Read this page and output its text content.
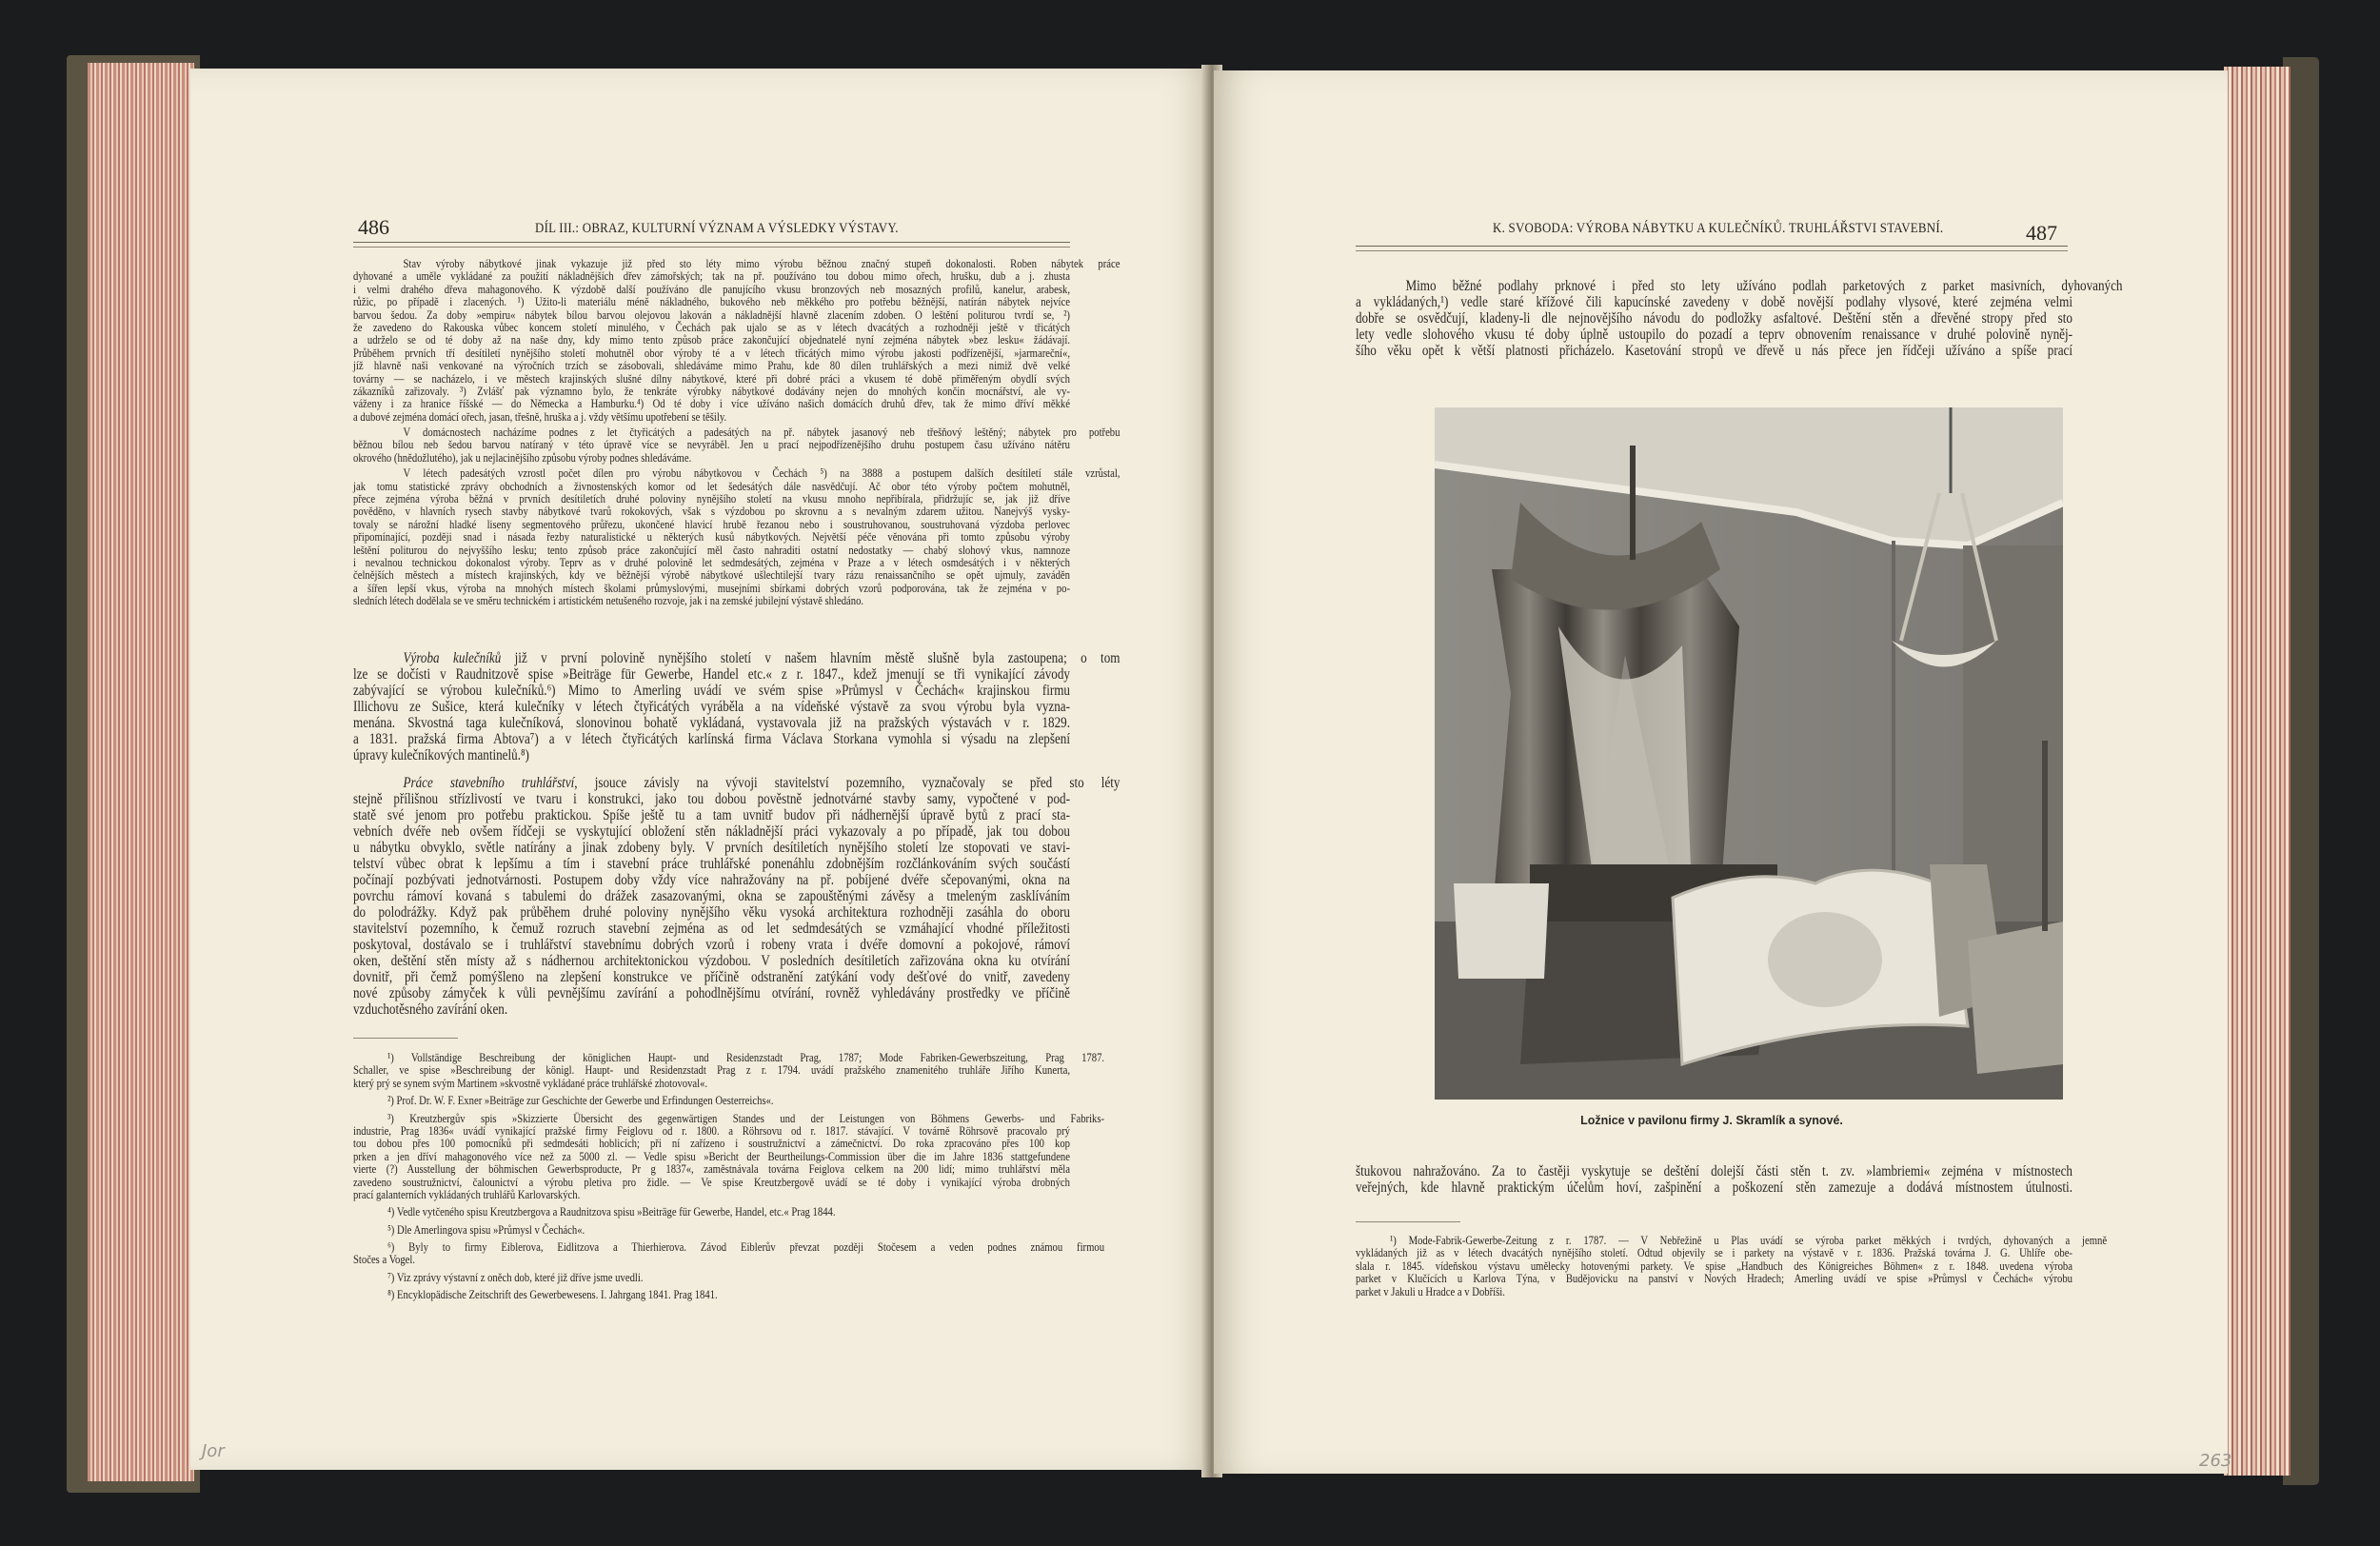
486	DÍL III.: OBRAZ, KULTURNÍ VÝZNAM A VÝSLEDKY VÝSTAVY.
Stav výroby nábytkové jinak vykazuje již před sto léty mimo výrobu běžnou značný stupeň dokonalosti. Roben nábytek práce
dyhované a uměle vykládané za použití nákladnějších dřev zámořských; tak na př. používáno tou dobou mimo ořech, hrušku, dub a j. zhusta
i velmi drahého dřeva mahagonového. K výzdobě další používáno dle panujícího vkusu bronzových neb mosazných profilů, kanelur, arabesk,
růžic, po případě i zlacených. ¹) Užito-li materiálu méně nákladného, bukového neb měkkého pro potřebu běžnější, natírán nábytek nejvíce
barvou šedou. Za doby »empiru« nábytek bílou barvou olejovou lakován a nákladnější hlavně zlacením zdoben. O leštění politurou tvrdí se, ²)
že zavedeno do Rakouska vůbec koncem století minulého, v Čechách pak ujalo se as v létech dvacátých a rozhodněji ještě v třicátých
a udrželo se od té doby až na naše dny, kdy mimo tento způsob práce zakončující objednatelé nyní zejména nábytek »bez lesku« žádávají.
Průběhem prvních tří desítiletí nynějšího století mohutněl obor výroby té a v létech třicátých mimo výrobu jakosti podřízenější, »jarmareční«,
jíž hlavně naši venkované na výročních trzích se zásobovali, shledáváme mimo Prahu, kde 80 dílen truhlářských a mezi nimiž dvě velké
továrny — se nacházelo, i ve městech krajinských slušné dílny nábytkové, které při dobré práci a vkusem té době přiměřeným obydlí svých
zákazníků zařizovaly. ³) Zvlášť pak významno bylo, že tenkráte výrobky nábytkové dodávány nejen do mnohých končin mocnářství, ale vy-
váženy i za hranice říšské — do Německa a Hamburku.⁴) Od té doby i více užíváno našich domácích druhů dřev, tak že mimo dříví měkké
a dubové zejména domácí ořech, jasan, třešně, hruška a j. vždy většímu upotřebení se těšily.
V domácnostech nacházíme podnes z let čtyřicátých a padesátých na př. nábytek jasanový neb třešňový leštěný; nábytek pro potřebu
běžnou bílou neb šedou barvou natíraný v této úpravě více se nevyráběl. Jen u prací nejpodřízenějšího druhu postupem času užíváno nátěru
okrového (hnědožlutého), jak u nejlacinějšího způsobu výroby podnes shledáváme.
V létech padesátých vzrostl počet dílen pro výrobu nábytkovou v Čechách ⁵) na 3888 a postupem dalších desítiletí stále vzrůstal,
jak tomu statistické zprávy obchodních a živnostenských komor od let šedesátých dále nasvědčují. Ač obor této výroby počtem mohutněl,
přece zejména výroba běžná v prvních desítiletích druhé poloviny nynějšího století na vkusu mnoho nepřibírala, přidržujíc se, jak již dříve
pověděno, v hlavních rysech stavby nábytkové tvarů rokokových, však s výzdobou po skrovnu a s nevalným zdarem užitou. Nanejvýš vysky-
tovaly se nárožní hladké liseny segmentového průřezu, ukončené hlavicí hrubě řezanou nebo i soustruhovanou, soustruhovaná výzdoba perlovec
připomínající, později snad i násada řezby naturalistické u některých kusů nábytkových. Největší péče věnována při tomto způsobu výroby
leštění politurou do nejvyššího lesku; tento způsob práce zakončující měl často nahraditi ostatní nedostatky — chabý slohový vkus, namnoze
i nevalnou technickou dokonalost výroby. Teprv as v druhé polovině let sedmdesátých, zejména v Praze a v létech osmdesátých i v některých
čelnějších městech a místech krajinských, kdy ve běžnější výrobě nábytkové ušlechtilejší tvary rázu renaissančního se opět ujmuly, zaváděn
a šířen lepší vkus, výroba na mnohých místech školami průmyslovými, musejními sbírkami dobrých vzorů podporována, tak že zejména v po-
sledních létech dodělala se ve směru technickém i artistickém netušeného rozvoje, jak i na zemské jubilejní výstavě shledáno.
Výroba kulečníků již v první polovině nynějšího století v našem hlavním městě slušně byla zastoupena; o tom
lze se dočísti v Raudnitzově spise »Beiträge für Gewerbe, Handel etc.« z r. 1847., kdež jmenují se tři vynikající závody
zabývající se výrobou kulečníků.⁶) Mimo to Amerling uvádí ve svém spise »Průmysl v Čechách« krajinskou firmu
Illichovu ze Sušice, která kulečníky v létech čtyřicátých vyráběla a na vídeňské výstavě za svou výrobu byla vyzna-
menána. Skvostná taga kulečníková, slonovinou bohatě vykládaná, vystavovala již na pražských výstavách v r. 1829.
a 1831. pražská firma Abtova⁷) a v létech čtyřicátých karlínská firma Václava Storkana vymohla si výsadu na zlepšení
úpravy kulečníkových mantinelů.⁸)
Práce stavebního truhlářství, jsouce závisly na vývoji stavitelství pozemního, vyznačovaly se před sto léty
stejně přílišnou střízlivostí ve tvaru i konstrukci, jako tou dobou pověstně jednotvárné stavby samy, vypočtené v pod-
statě své jenom pro potřebu praktickou. Spíše ještě tu a tam uvnitř budov při nádhernější úpravě bytů z prací sta-
vebních dvéře neb ovšem řídčeji se vyskytující obložení stěn nákladnější práci vykazovaly a po případě, jak tou dobou
u nábytku obvyklo, světle natírány a jinak zdobeny byly. V prvních desítiletích nynějšího století lze stopovati ve stavi-
telství vůbec obrat k lepšímu a tím i stavební práce truhlářské ponenáhlu zdobnějším rozčlánkováním svých součástí
počínají pozbývati jednotvárnosti. Postupem doby vždy více nahražovány na př. pobíjené dvéře sčepovanými, okna na
povrchu rámoví kovaná s tabulemi do drážek zasazovanými, okna se zapouštěnými závěsy a tmeleným zasklíváním
do polodrážky. Když pak průběhem druhé poloviny nynějšího věku vysoká architektura rozhodněji zasáhla do oboru
stavitelství pozemního, k čemuž rozruch stavební zejména as od let sedmdesátých se vzmáhající vhodné příležitosti
poskytoval, dostávalo se i truhlářství stavebnímu dobrých vzorů i robeny vrata i dvéře domovní a pokojové, rámoví
oken, deštění stěn místy až s nádhernou architektonickou výzdobou. V posledních desítiletích zařizována okna ku otvírání
dovnitř, při čemž pomýšleno na zlepšení konstrukce ve příčině odstranění zatýkání vody dešťové do vnitř, zavedeny
nové způsoby zámyček k vůli pevnějšímu zavírání a pohodlnějšímu otvírání, rovněž vyhledávány prostředky ve příčině
vzduchotěsného zavírání oken.
¹) Vollständige Beschreibung der königlichen Haupt- und Residenzstadt Prag, 1787; Mode Fabriken-Gewerbszeitung, Prag 1787.
Schaller, ve spise »Beschreibung der königl. Haupt- und Residenzstadt Prag z r. 1794. uvádí pražského znamenitého truhláře Jiřího Kunerta,
který prý se synem svým Martinem »skvostně vykládané práce truhlářské zhotovoval«.
²) Prof. Dr. W. F. Exner »Beiträge zur Geschichte der Gewerbe und Erfindungen Oesterreichs«.
³) Kreutzbergův spis »Skizzierte Übersicht des gegenwärtigen Standes und der Leistungen von Böhmens Gewerbs- und Fabriks-
industrie, Prag 1836« uvádí vynikající pražské firmy Feiglovu od r. 1800. a Röhrsovu od r. 1817. stávající. V továrně Röhrsově pracovalo prý
tou dobou přes 100 pomocníků při sedmdesáti hoblicích; při ní zařízeno i soustružnictví a zámečnictví. Do roka zpracováno přes 100 kop
prken a jen dříví mahagonového více než za 5000 zl. — Vedle spisu »Bericht der Beurtheilungs-Commission über die im Jahre 1836 stattgefundene
vierte (?) Ausstellung der böhmischen Gewerbsproducte, Pr g 1837«, zaměstnávala továrna Feiglova celkem na 200 lidí; mimo truhlářství měla
zavedeno soustružnictví, čalounictví a výrobu pletiva pro židle. — Ve spise Kreutzbergově uvádí se té doby i vynikající výroba drobných
prací galanterních vykládaných truhlářů Karlovarských.
⁴) Vedle vytčeného spisu Kreutzbergova a Raudnitzova spisu »Beiträge für Gewerbe, Handel, etc.« Prag 1844.
⁵) Dle Amerlingova spisu »Průmysl v Čechách«.
⁶) Byly to firmy Eiblerova, Eidlitzova a Thierhierova. Závod Eiblerův převzat později Stočesem a veden podnes známou firmou
Stočes a Vogel.
⁷) Viz zprávy výstavní z oněch dob, které již dříve jsme uvedli.
⁸) Encyklopädische Zeitschrift des Gewerbewesens. I. Jahrgang 1841. Prag 1841.
Jor
K. SVOBODA: VÝROBA NÁBYTKU A KULEČNÍKŮ. TRUHLÁŘSTVI STAVEBNÍ.	487
Mimo běžné podlahy prknové i před sto lety užíváno podlah parketových z parket masivních, dyhovaných
a vykládaných,¹) vedle staré křížové čili kapucínské zavedeny v době novější podlahy vlysové, které zejména velmi
dobře se osvědčují, kladeny-li dle nejnovějšího návodu do podložky asfaltové. Deštění stěn a dřevěné stropy před sto
lety vedle slohového vkusu té doby úplně ustoupilo do pozadí a teprv obnovením renaissance v druhé polovině nyněj-
šího věku opět k větší platnosti přicházelo. Kasetování stropů ve dřevě u nás přece jen řídčeji užíváno a spíše prací
Ložnice v pavilonu firmy J. Skramlík a synové.
štukovou nahražováno. Za to častěji vyskytuje se deštění dolejší části stěn t. zv. »lambriemi« zejména v místnostech
veřejných, kde hlavně praktickým účelům hoví, zašpinění a poškození stěn zamezuje a dodává místnostem útulnosti.
¹) Mode-Fabrik-Gewerbe-Zeitung z r. 1787. — V Nebřežině u Plas uvádí se výroba parket měkkých i tvrdých, dyhovaných a jemně
vykládaných již as v létech dvacátých nynějšího století. Odtud objevily se i parkety na výstavě v r. 1836. Pražská továrna J. G. Uhlíře obe-
slala r. 1845. vídeňskou výstavu umělecky hotovenými parkety. Ve spise „Handbuch des Königreiches Böhmen« z r. 1848. uvedena výroba
parket v Klučících u Karlova Týna, v Budějovicku na panství v Nových Hradech; Amerling uvádí ve spise »Průmysl v Čechách« výrobu
parket v Jakuli u Hradce a v Dobříši.
263
